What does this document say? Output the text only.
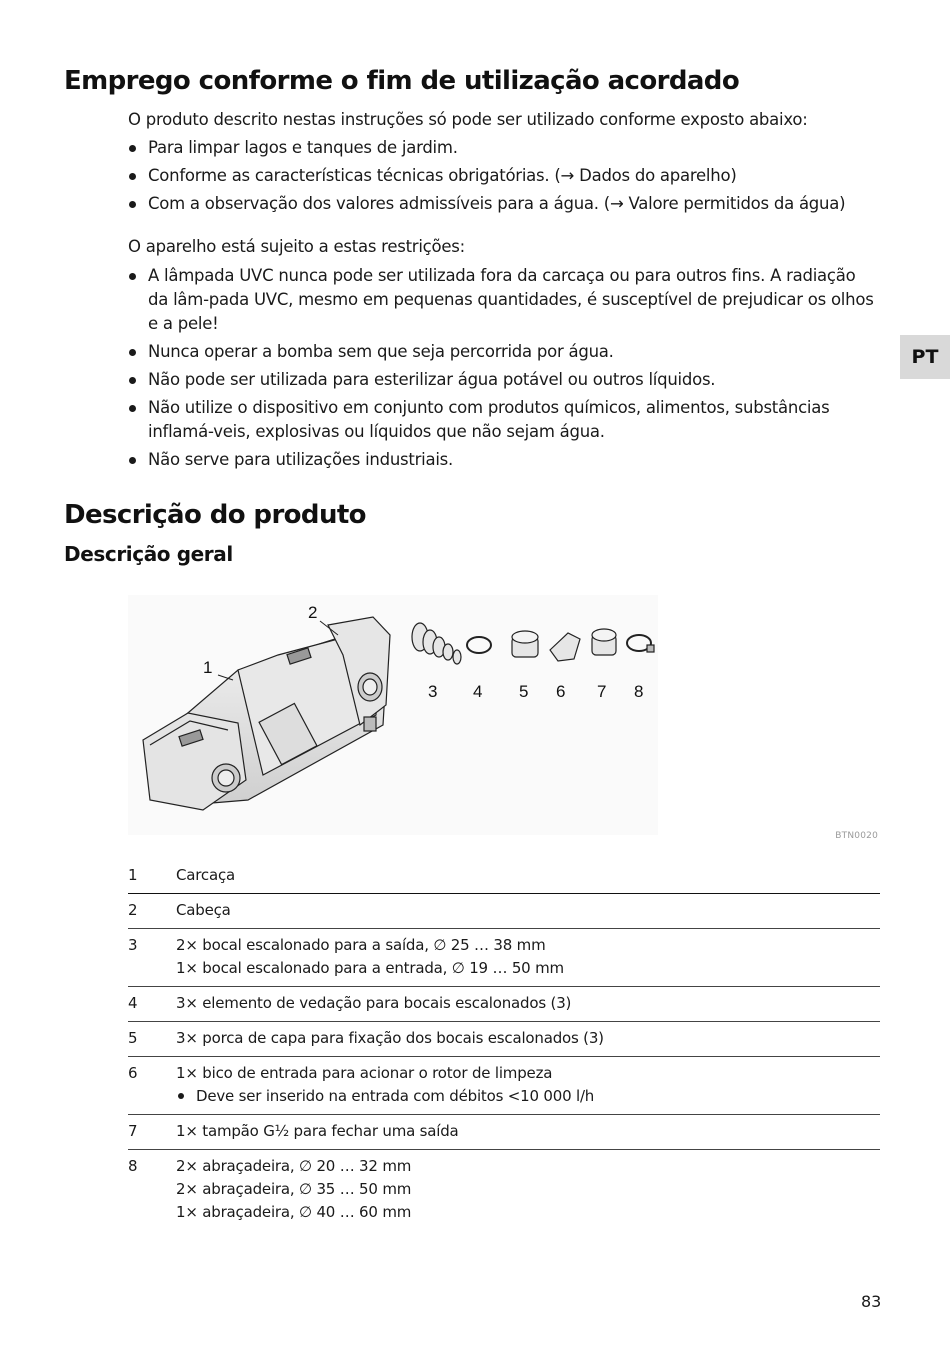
Emprego conforme o fim de utilização acordado

O produto descrito nestas instruções só pode ser utilizado conforme exposto abaixo:

Para limpar lagos e tanques de jardim.
Conforme as características técnicas obrigatórias. (→ Dados do aparelho)
Com a observação dos valores admissíveis para a água. (→ Valore permitidos da água)

O aparelho está sujeito a estas restrições:

A lâmpada UVC nunca pode ser utilizada fora da carcaça ou para outros fins. A radiação da lâm-pada UVC, mesmo em pequenas quantidades, é susceptível de prejudicar os olhos e a pele!
Nunca operar a bomba sem que seja percorrida por água.
Não pode ser utilizada para esterilizar água potável ou outros líquidos.
Não utilize o dispositivo em conjunto com produtos químicos, alimentos, substâncias inflamá-veis, explosivas ou líquidos que não sejam água.
Não serve para utilizações industriais.
PT
Descrição do produto
Descrição geral
1
2
3 4 5 6 7 8
BTN0020
1	Carcaça

2	Cabeça

3	2× bocal escalonado para a saída, ∅ 25 … 38 mm
1× bocal escalonado para a entrada, ∅ 19 … 50 mm

4	3× elemento de vedação para bocais escalonados (3)

5	3× porca de capa para fixação dos bocais escalonados (3)

6	1× bico de entrada para acionar o rotor de limpeza
Deve ser inserido na entrada com débitos <10 000 l/h

7	1× tampão G½ para fechar uma saída

8	2× abraçadeira, ∅ 20 … 32 mm
2× abraçadeira, ∅ 35 … 50 mm
1× abraçadeira, ∅ 40 … 60 mm
83
